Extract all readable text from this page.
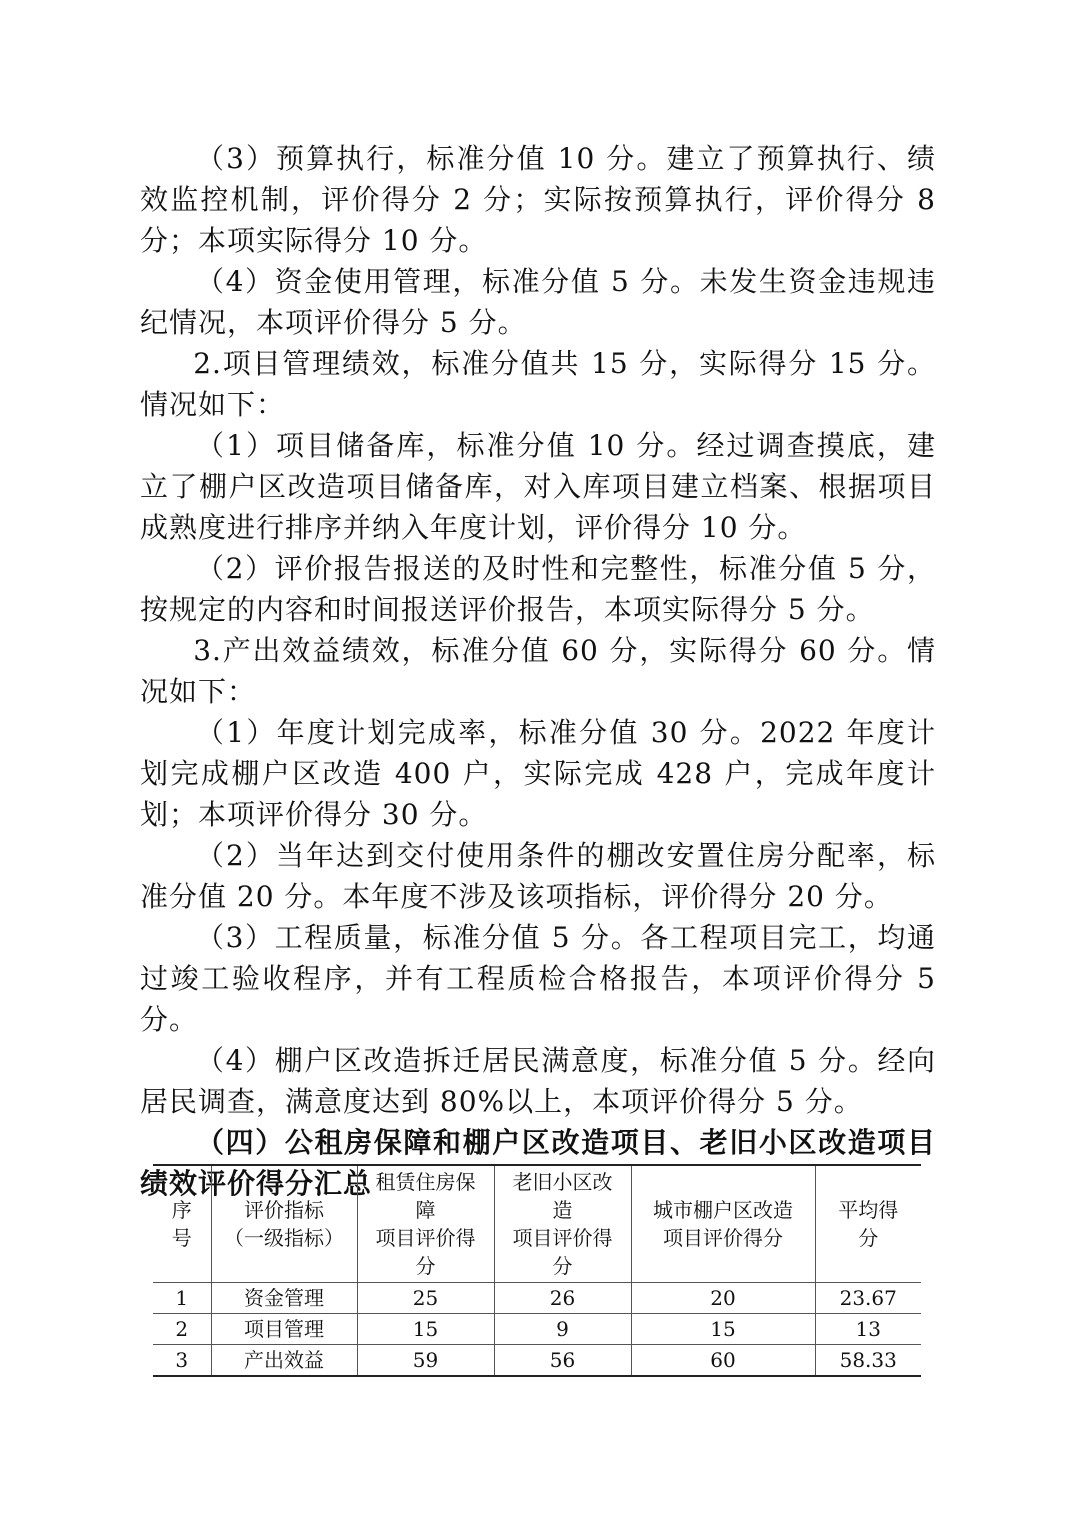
（3）预算执行，标准分值 10 分。建立了预算执行、绩效监控机制，评价得分 2 分；实际按预算执行，评价得分 8 分；本项实际得分 10 分。

（4）资金使用管理，标准分值 5 分。未发生资金违规违纪情况，本项评价得分 5 分。

2.项目管理绩效，标准分值共 15 分，实际得分 15 分。情况如下：

（1）项目储备库，标准分值 10 分。经过调查摸底，建立了棚户区改造项目储备库，对入库项目建立档案、根据项目成熟度进行排序并纳入年度计划，评价得分 10 分。

（2）评价报告报送的及时性和完整性，标准分值 5 分，按规定的内容和时间报送评价报告，本项实际得分 5 分。

3.产出效益绩效，标准分值 60 分，实际得分 60 分。情况如下：

（1）年度计划完成率，标准分值 30 分。2022 年度计划完成棚户区改造 400 户，实际完成 428 户，完成年度计划；本项评价得分 30 分。

（2）当年达到交付使用条件的棚改安置住房分配率，标准分值 20 分。本年度不涉及该项指标，评价得分 20 分。

（3）工程质量，标准分值 5 分。各工程项目完工，均通过竣工验收程序，并有工程质检合格报告，本项评价得分 5 分。

（4）棚户区改造拆迁居民满意度，标准分值 5 分。经向居民调查，满意度达到 80%以上，本项评价得分 5 分。

（四）公租房保障和棚户区改造项目、老旧小区改造项目绩效评价得分汇总

序
号	评价指标
（一级指标）	租赁住房保
障
项目评价得
分	老旧小区改
造
项目评价得
分	城市棚户区改造
项目评价得分	平均得
分
1	资金管理	25	26	20	23.67
2	项目管理	15	9	15	13
3	产出效益	59	56	60	58.33
